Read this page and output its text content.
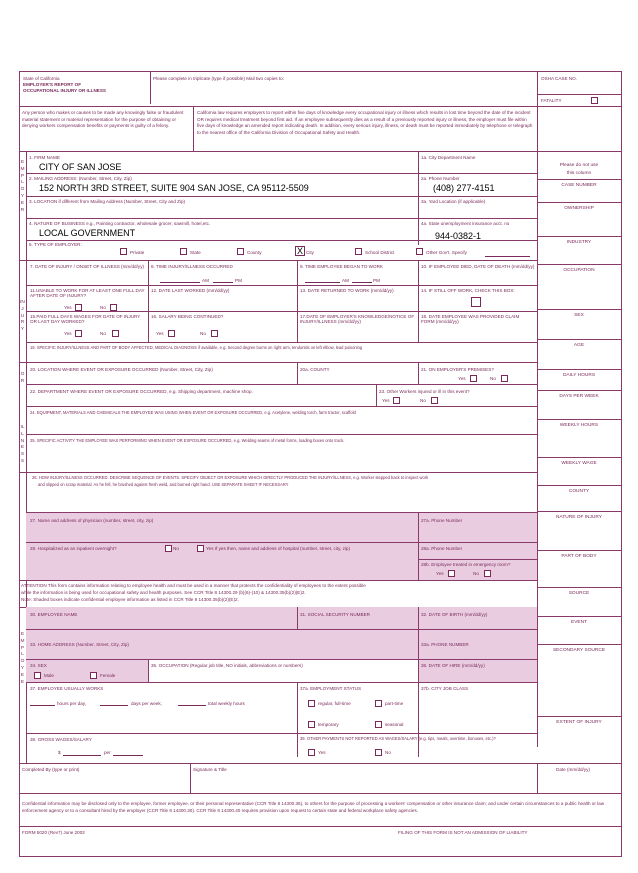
State of California
EMPLOYER'S REPORT OF
OCCUPATIONAL INJURY OR ILLNESS
Please complete in triplicate (type if possible) Mail two copies to:	OSHA CASE NO.
FATALITY
Any person who makes or causes to be made any knowingly false or fraudulent material statement or material representation for the purpose of obtaining or denying workers compensation benefits or payments is guilty of a felony.
California law requires employers to report within five days of knowledge every occupational injury or illness which results in lost time beyond the date of the incident OR requires medical treatment beyond first aid. If an employee subsequently dies as a result of a previously reported injury or illness, the employer must file within five days of knowledge an amended report indicating death. In addition, every serious injury, illness, or death must be reported immediately by telephone or telegraph to the nearest office of the California Division of Occupational Safety and Health.
EMPLOYER
INJURY
OR
ILLNESS
EMPLOYEE
1. FIRM NAME
CITY OF SAN JOSE
1a. City Department Name
2. MAILING ADDRESS: (Number, Street, City, Zip)
152 NORTH 3RD STREET, SUITE 904 SAN JOSE, CA 95112-5509
2a. Phone Number
(408) 277-4151
3. LOCATION if different from Mailing Address (Number, Street, City and Zip)	3a. Yard Location (if applicable)
4. NATURE OF BUSINESS e.g., Painting contractor, wholesale grocer, sawmill, hotel,etc.
LOCAL GOVERNMENT
4a. State unemployment insurance acct. no
944-0382-1
5. TYPE OF EMPLOYER:
Private	State	County	City
X	School District	Other Gov't. Specify
7. DATE OF INJURY / ONSET OF ILLNESS (mm/dd/yy)	8. TIME INJURY/ILLNESS OCCURRED
AM	PM
9. TIME EMPLOYEE BEGAN TO WORK
AM	PM
10. IF EMPLOYEE DIED, DATE OF DEATH (mm/dd/yy)
11.UNABLE TO WORK FOR AT LEAST ONE FULL DAY AFTER DATE OF INJURY?
Yes	No
12. DATE LAST WORKED (mm/dd/yy)	13. DATE RETURNED TO WORK (mm/dd/yy)	14. IF STILL OFF WORK, CHECK THIS BOX:
15.PAID FULL DAYS WAGES FOR DATE OF INJURY OR LAST DAY WORKED?
Yes	No
16. SALARY BEING CONTINUED?
Yes	No
17.DATE OF EMPLOYER'S KNOWLEDGE/NOTICE OF INJURY/ILLNESS (mm/dd/yy)
18. DATE EMPLOYEE WAS PROVIDED CLAIM FORM (mm/dd/yy)
19. SPECIFIC INJURY/ILLNESS AND PART OF BODY AFFECTED, MEDICAL DIAGNOSIS if available, e.g. Second degree burns on right arm, tendonitis on left elbow, lead poisoning
20. LOCATION WHERE EVENT OR EXPOSURE OCCURRED (Number, Street, City, Zip)	20a. COUNTY	21. ON EMPLOYER'S PREMISES?
Yes	No
22. DEPARTMENT WHERE EVENT OR EXPOSURE OCCURRED, e.g. Shipping department, machine shop.	23. Other Workers injured or ill in this event?
Yes	No
24. EQUIPMENT, MATERIALS AND CHEMICALS THE EMPLOYEE WAS USING WHEN EVENT OR EXPOSURE OCCURRED, e.g. Acetylene, welding torch, farm tractor, scaffold
25. SPECIFIC ACTIVITY THE EMPLOYEE WAS PERFORMING WHEN EVENT OR EXPOSURE OCCURRED, e.g. Welding seams of metal forms, loading boxes onto truck.
26. HOW INJURY/ILLNESS OCCURRED. DESCRIBE SEQUENCE OF EVENTS. SPECIFY OBJECT OR EXPOSURE WHICH DIRECTLY PRODUCED THE INJURY/ILLNESS, e.g. Worker stepped back to inspect work
and slipped on scrap material. As he fell, he brushed against fresh weld, and burned right hand. USE SEPARATE SHEET IF NECESSARY
27. Name and address of physician (number, street, city, zip)	27a. Phone Number
28. Hospitalized as an inpatient overnight?	No	Yes If yes then, name and address of hospital (number, street, city, zip)	28a. Phone Number
28b. Employee treated in emergency room?
Yes	No
ATTENTION This form contains information relating to employee health and must be used in a manner that protects the confidentiality of employees to the extent possible
while the information is being used for occupational safety and health purposes. See CCR Title 8 14300.29 (b)(6)-(10) & 14300.35(b)(2)(E)2.
Note: Shaded boxes indicate confidential employee information as listed in CCR Title 8 14300.35(b)(2)(E)2.
30. EMPLOYEE NAME	31. SOCIAL SECURITY NUMBER	32. DATE OF BIRTH (mm/dd/yy)
33. HOME ADDRESS (Number, Street, City, Zip)	33a. PHONE NUMBER
34. SEX
Male	Female
35. OCCUPATION (Regular job title, NO initials, abbreviations or numbers)	36. DATE OF HIRE (mm/dd/yy)
37. EMPLOYEE USUALLY WORKS
hours per day,	days per week,	total weekly hours
37a. EMPLOYMENT STATUS
regular, full-time	part-time
temporary	seasonal
37b. CITY JOB CLASS
38. GROSS WAGES/SALARY
$	per
39. OTHER PAYMENTS NOT REPORTED AS WAGES/SALARY (e.g. tips, meals, overtime, bonuses, etc.)?
Yes	No
Completed By (type or print)	Signature & Title	Date (mm/dd/yy)
Confidential information may be disclosed only to the employee, former employee, or their personal representative (CCR Title 8 14300.35), to others for the purpose of processing a workers' compensation or other insurance claim; and under certain circumstances to a public health or law enforcement agency or to a consultant hired by the employer (CCR Title 8 14300.30). CCR Title 8 14300.40 requires provision upon request to certain state and federal workplace safety agencies.
FORM 5020 (Rev7) June 2002	FILING OF THIS FORM IS NOT AN ADMISSION OF LIABILITY
Please do not use
this column
CASE NUMBER
OWNERSHIP
INDUSTRY
OCCUPATION
SEX
AGE
DAILY HOURS
DAYS PER WEEK
WEEKLY HOURS
WEEKLY WAGE
COUNTY
NATURE OF INJURY
PART OF BODY
SOURCE
EVENT
SECONDARY SOURCE
EXTENT OF INJURY
